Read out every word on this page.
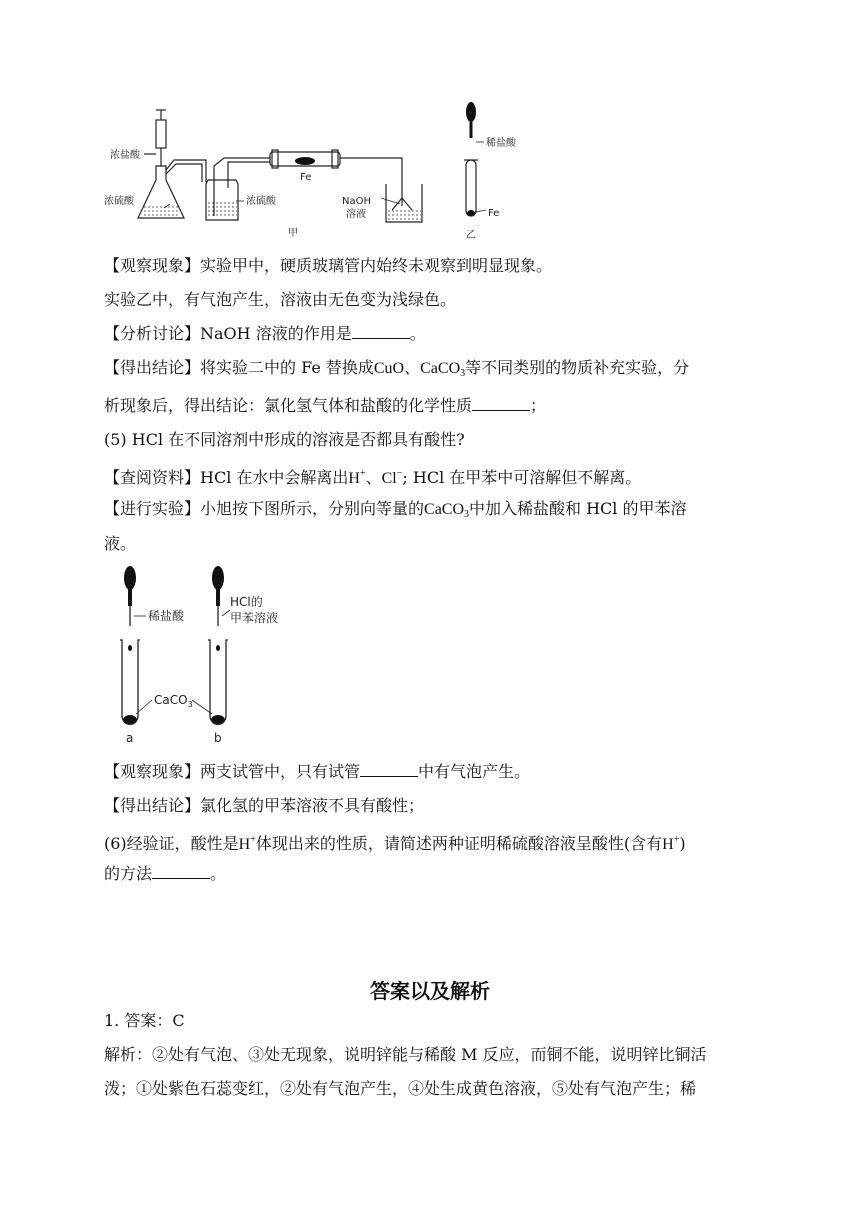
浓盐酸
浓硫酸	浓硫酸
Fe
NaOH
溶液
甲
稀盐酸
Fe
乙
【观察现象】实验甲中，硬质玻璃管内始终未观察到明显现象。
实验乙中，有气泡产生，溶液由无色变为浅绿色。
【分析讨论】NaOH 溶液的作用是	。
【得出结论】将实验二中的 Fe 替换成CuO、CaCO$_3$等不同类别的物质补充实验，分
析现象后，得出结论：氯化氢气体和盐酸的化学性质	；
(5) HCl 在不同溶剂中形成的溶液是否都具有酸性?
【查阅资料】HCl 在水中会解离出H+、Cl−; HCl 在甲苯中可溶解但不解离。
【进行实验】小旭按下图所示，分别向等量的CaCO$_3$中加入稀盐酸和 HCl 的甲苯溶
液。
稀盐酸
HCl的
甲苯溶液
CaCO$_3$
a	b
【观察现象】两支试管中，只有试管	中有气泡产生。
【得出结论】氯化氢的甲苯溶液不具有酸性；
(6)经验证，酸性是H+体现出来的性质，请简述两种证明稀硫酸溶液呈酸性(含有H+)
的方法	。
答案以及解析
1. 答案：C
解析：②处有气泡、③处无现象，说明锌能与稀酸 M 反应，而铜不能，说明锌比铜活
泼；①处紫色石蕊变红，②处有气泡产生，④处生成黄色溶液，⑤处有气泡产生；稀
